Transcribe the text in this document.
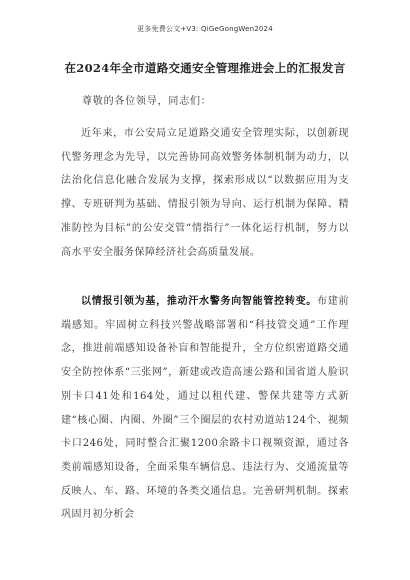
更多免费公文+V3: QiGeGongWen2024
在2024年全市道路交通安全管理推进会上的汇报发言
尊敬的各位领导，同志们：
近年来，市公安局立足道路交通安全管理实际，以创新现代警务理念为先导，以完善协同高效警务体制机制为动力，以法治化信息化融合发展为支撑，探索形成以“以数据应用为支撑、专班研判为基础、情报引领为导向、运行机制为保障、精准防控为目标”的公安交管“情指行”一体化运行机制，努力以高水平安全服务保障经济社会高质量发展。
以情报引领为基，推动汗水警务向智能管控转变。布建前端感知。牢固树立科技兴警战略部署和“科技管交通”工作理念，推进前端感知设备补盲和智能提升，全方位织密道路交通安全防控体系“三张网”，新建或改造高速公路和国省道人脸识别卡口41处和164处，通过以租代建、警保共建等方式新建“核心圈、内圈、外圈”三个圈层的农村劝道站124个、视频卡口246处，同时整合汇聚1200余路卡口视频资源，通过各类前端感知设备，全面采集车辆信息、违法行为、交通流量等反映人、车、路、环境的各类交通信息。完善研判机制。探索巩固月初分析会
